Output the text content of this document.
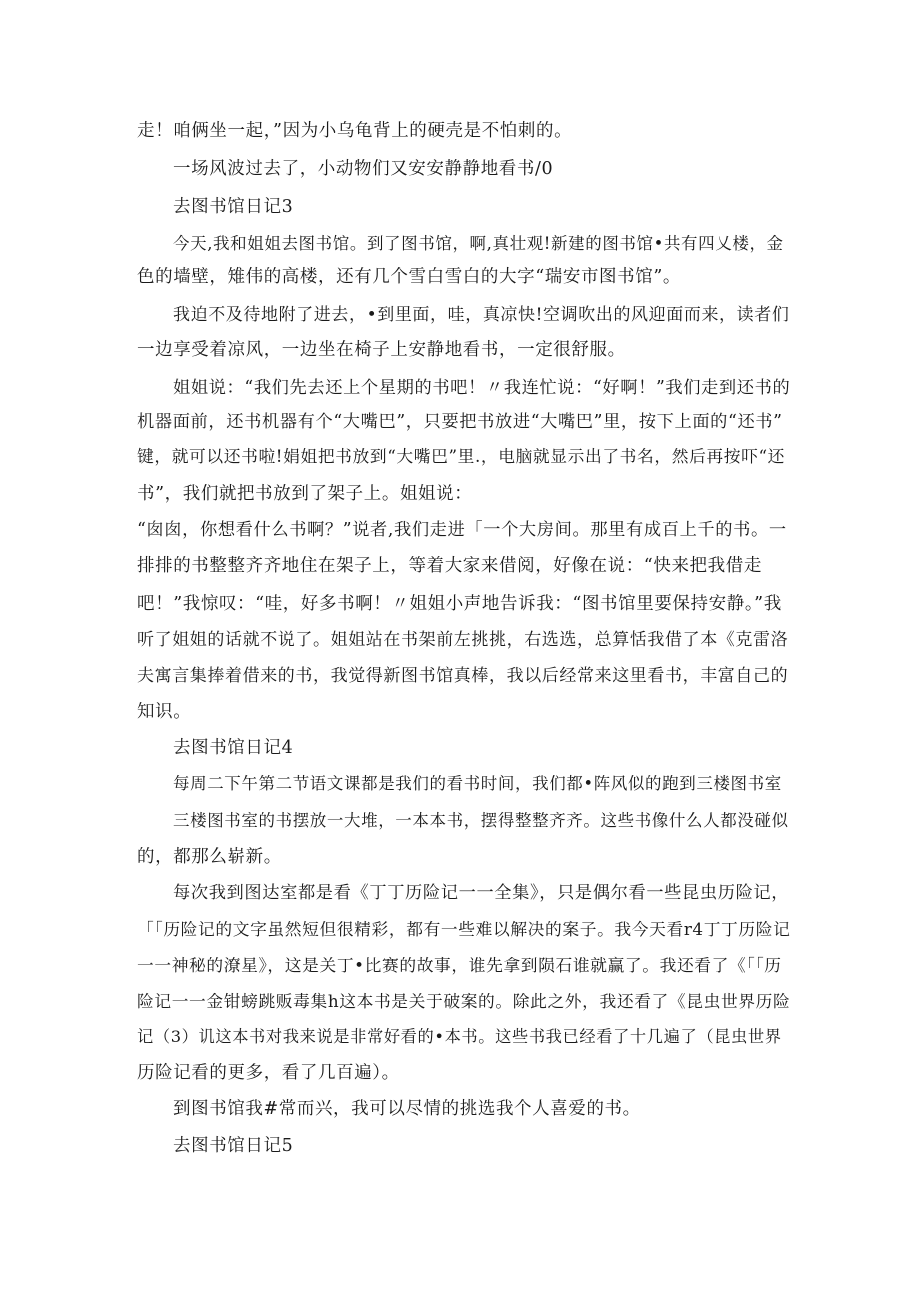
走！咱俩坐一起，”因为小乌龟背上的硬壳是不怕刺的。
一场风波过去了，小动物们又安安静静地看书/0
去图书馆日记3
今天,我和姐姐去图书馆。到了图书馆，啊,真壮观!新建的图书馆•共有四乂楼，金
色的墙壁，雉伟的高楼，还有几个雪白雪白的大字“瑞安市图书馆”。
我迫不及待地附了进去，•到里面，哇，真凉快!空调吹出的风迎面而来，读者们
一边享受着凉风，一边坐在椅子上安静地看书，一定很舒服。
姐姐说：“我们先去还上个星期的书吧！〃我连忙说：“好啊！”我们走到还书的
机器面前，还书机器有个“大嘴巴”，只要把书放进“大嘴巴”里，按下上面的“还书”
键，就可以还书啦!娟姐把书放到“大嘴巴”里.，电脑就显示出了书名，然后再按吓“还
书”，我们就把书放到了架子上。姐姐说：
“囱囱，你想看什么书啊？”说者,我们走进「一个大房间。那里有成百上千的书。一
排排的书整整齐齐地住在架子上，等着大家来借阅，好像在说：“快来把我借走
吧！”我惊叹：“哇，好多书啊！〃姐姐小声地告诉我：“图书馆里要保持安静。”我
听了姐姐的话就不说了。姐姐站在书架前左挑挑，右选选，总算恬我借了本《克雷洛
夫寓言集捧着借来的书，我觉得新图书馆真棒，我以后经常来这里看书，丰富自己的
知识。
去图书馆日记4
每周二下午第二节语文课都是我们的看书时间，我们都•阵风似的跑到三楼图书室
三楼图书室的书摆放一大堆，一本本书，摆得整整齐齐。这些书像什么人都没碰似
的，都那么崭新。
每次我到图达室都是看《丁丁历险记一一全集》，只是偶尔看一些昆虫历险记，
「「历险记的文字虽然短但很精彩，都有一些难以解决的案子。我今天看r4丁丁历险记
一一神秘的潦星》，这是关丁•比赛的故事，谁先拿到陨石谁就赢了。我还看了《「「历
险记一一金钳螃跳贩毒集h这本书是关于破案的。除此之外，我还看了《昆虫世界历险
记（3）讥这本书对我来说是非常好看的•本书。这些书我已经看了十几遍了（昆虫世界
历险记看的更多，看了几百遍）。
到图书馆我#常而兴，我可以尽情的挑选我个人喜爱的书。
去图书馆日记5
